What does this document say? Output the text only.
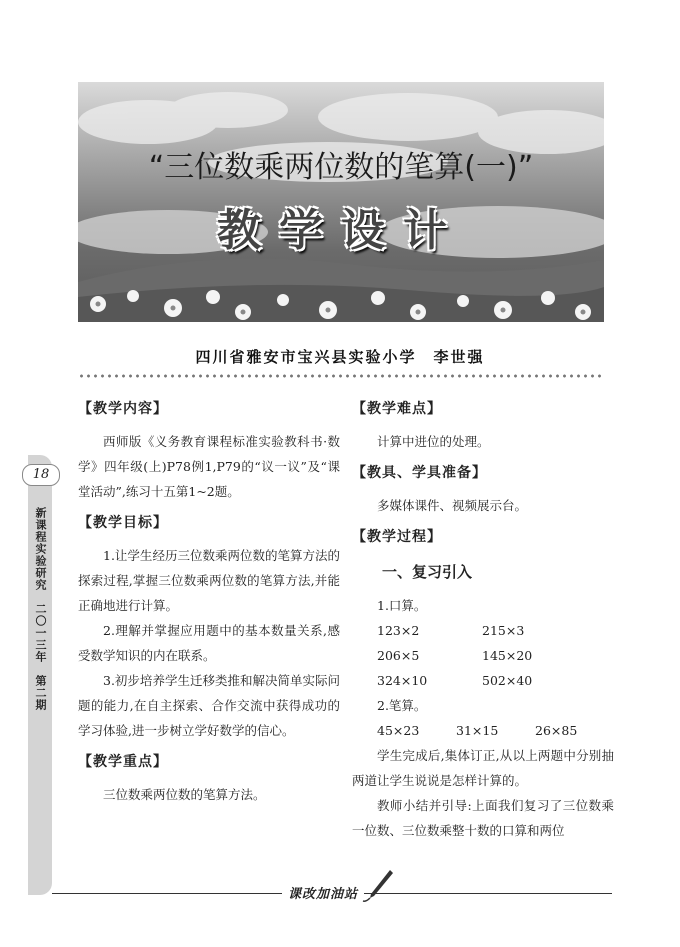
“三位数乘两位数的笔算(一)”
教学设计
四川省雅安市宝兴县实验小学　李世强
18
新课程实验研究　二〇一三年　第二期
【教学内容】

西师版《义务教育课程标准实验教科书·数学》四年级(上)P78例1,P79的“议一议”及“课堂活动”,练习十五第1~2题。

【教学目标】

1.让学生经历三位数乘两位数的笔算方法的探索过程,掌握三位数乘两位数的笔算方法,并能正确地进行计算。

2.理解并掌握应用题中的基本数量关系,感受数学知识的内在联系。

3.初步培养学生迁移类推和解决简单实际问题的能力,在自主探索、合作交流中获得成功的学习体验,进一步树立学好数学的信心。

【教学重点】

三位数乘两位数的笔算方法。

【教学难点】

计算中进位的处理。

【教具、学具准备】

多媒体课件、视频展示台。

【教学过程】
一、复习引入
1.口算。
123×2	215×3
206×5	145×20
324×10	502×40
2.笔算。
45×23	31×15	26×85

学生完成后,集体订正,从以上两题中分别抽两道让学生说说是怎样计算的。

教师小结并引导:上面我们复习了三位数乘一位数、三位数乘整十数的口算和两位

课改加油站
